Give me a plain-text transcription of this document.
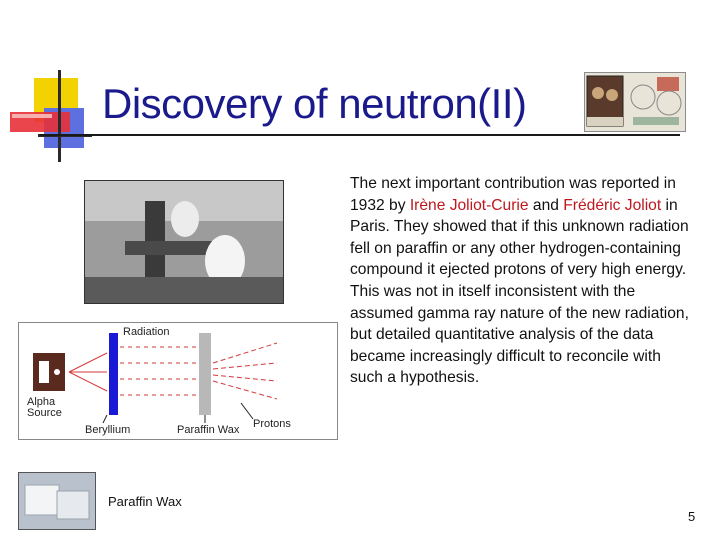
Discovery of neutron(II)
Alpha
Source
Beryllium
Radiation
Paraffin Wax Protons
Paraffin Wax
The next important contribution was reported in 1932 by Irène Joliot-Curie and Frédéric Joliot in Paris. They showed that if this unknown radiation fell on paraffin or any other hydrogen-containing compound it ejected protons of very high energy. This was not in itself inconsistent with the assumed gamma ray nature of the new radiation, but detailed quantitative analysis of the data became increasingly difficult to reconcile with such a hypothesis.
5
